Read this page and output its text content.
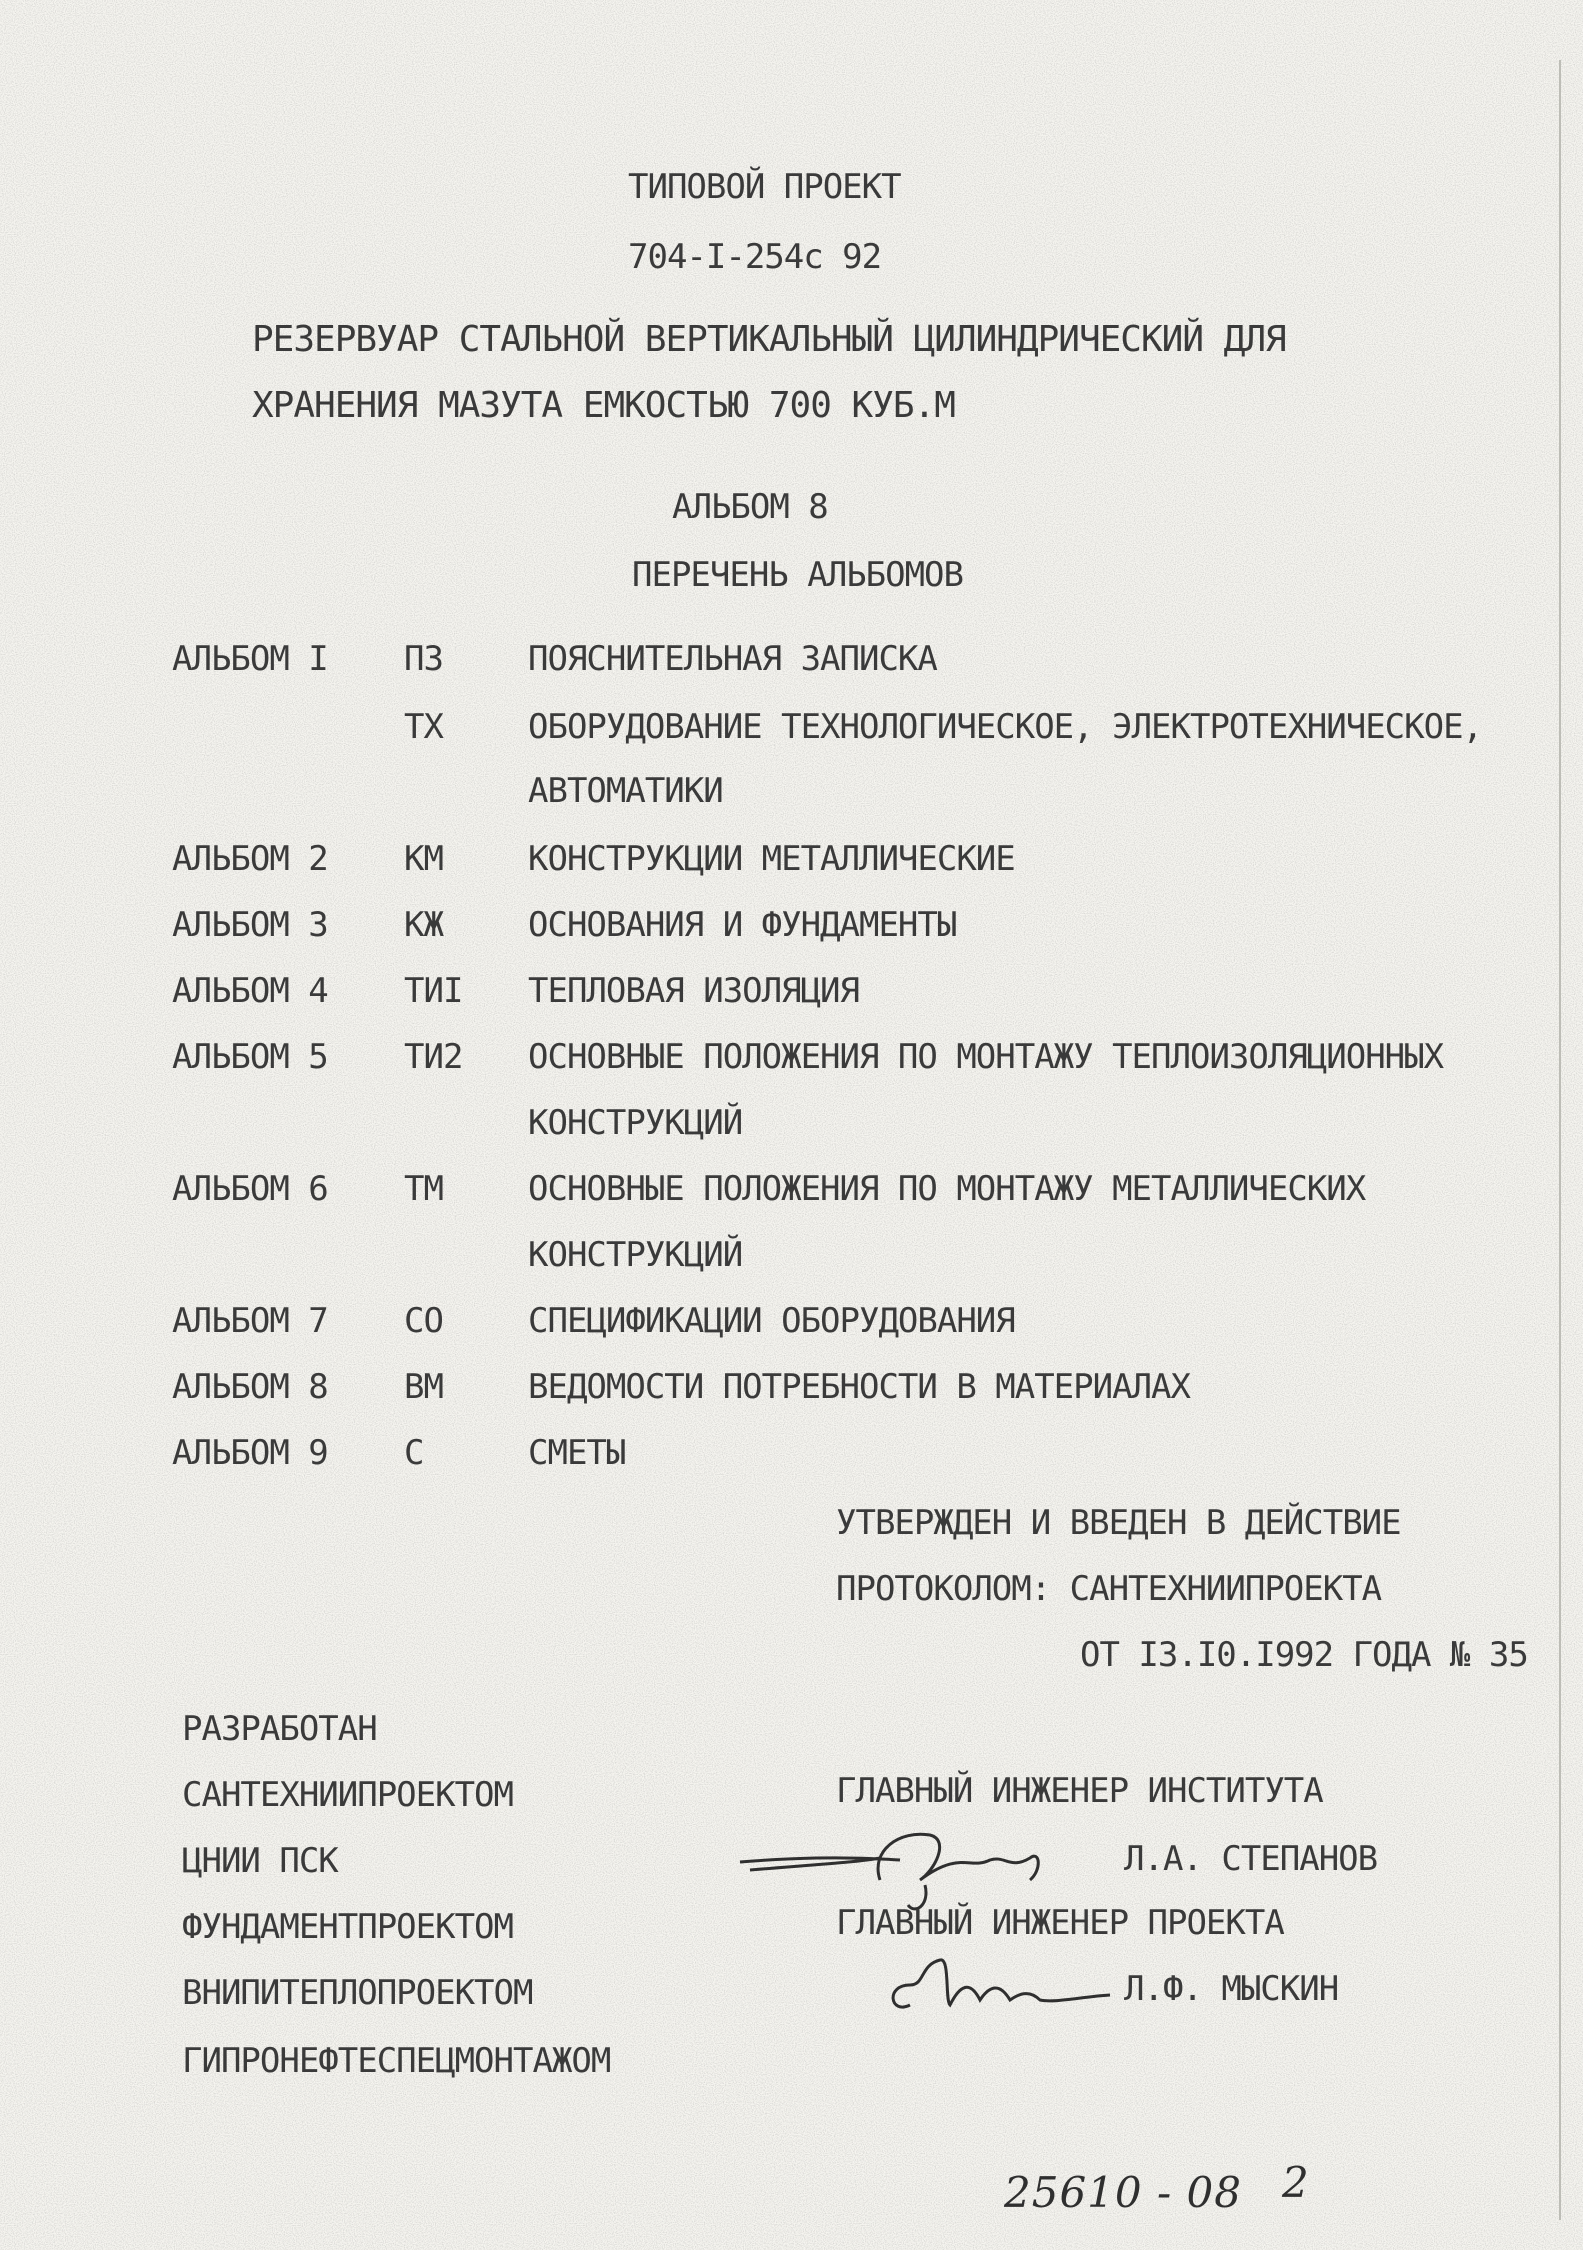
ТИПОВОЙ ПРОЕКТ
704-I-254с 92
РЕЗЕРВУАР СТАЛЬНОЙ ВЕРТИКАЛЬНЫЙ ЦИЛИНДРИЧЕСКИЙ ДЛЯ
ХРАНЕНИЯ МАЗУТА ЕМКОСТЬЮ 700 КУБ.М
АЛЬБОМ 8
ПЕРЕЧЕНЬ АЛЬБОМОВ
АЛЬБОМ I ПЗ	ПОЯСНИТЕЛЬНАЯ ЗАПИСКА
ТХ	ОБОРУДОВАНИЕ ТЕХНОЛОГИЧЕСКОЕ, ЭЛЕКТРОТЕХНИЧЕСКОЕ,
АВТОМАТИКИ
АЛЬБОМ 2 КМ	КОНСТРУКЦИИ МЕТАЛЛИЧЕСКИЕ
АЛЬБОМ 3 КЖ	ОСНОВАНИЯ И ФУНДАМЕНТЫ
АЛЬБОМ 4 ТИI ТЕПЛОВАЯ ИЗОЛЯЦИЯ
АЛЬБОМ 5 ТИ2 ОСНОВНЫЕ ПОЛОЖЕНИЯ ПО МОНТАЖУ ТЕПЛОИЗОЛЯЦИОННЫХ
КОНСТРУКЦИЙ
АЛЬБОМ 6 ТМ	ОСНОВНЫЕ ПОЛОЖЕНИЯ ПО МОНТАЖУ МЕТАЛЛИЧЕСКИХ
КОНСТРУКЦИЙ
АЛЬБОМ 7 СО	СПЕЦИФИКАЦИИ ОБОРУДОВАНИЯ
АЛЬБОМ 8 ВМ	ВЕДОМОСТИ ПОТРЕБНОСТИ В МАТЕРИАЛАХ
АЛЬБОМ 9 С	СМЕТЫ
УТВЕРЖДЕН И ВВЕДЕН В ДЕЙСТВИЕ
ПРОТОКОЛОМ: САНТЕХНИИПРОЕКТА
ОТ I3.I0.I992 ГОДА № 35
РАЗРАБОТАН
САНТЕХНИИПРОЕКТОМ
ЦНИИ ПСК
ФУНДАМЕНТПРОЕКТОМ
ВНИПИТЕПЛОПРОЕКТОМ
ГИПРОНЕФТЕСПЕЦМОНТАЖОМ
ГЛАВНЫЙ ИНЖЕНЕР ИНСТИТУТА
Л.А. СТЕПАНОВ
ГЛАВНЫЙ ИНЖЕНЕР ПРОЕКТА
Л.Ф. МЫСКИН
25610 - 08 2
